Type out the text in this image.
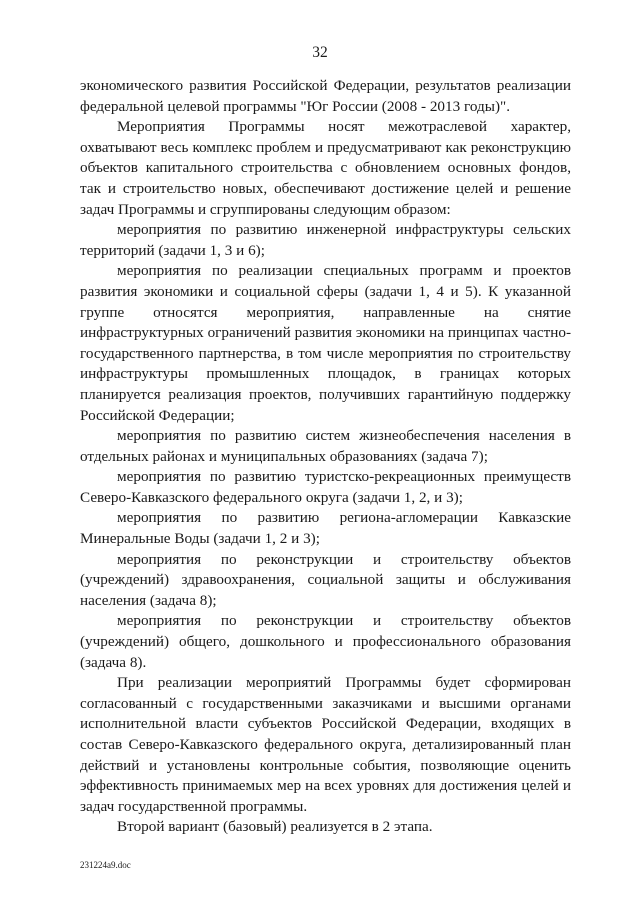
32

экономического развития Российской Федерации, результатов реализации федеральной целевой программы "Юг России (2008 - 2013 годы)".

Мероприятия Программы носят межотраслевой характер, охватывают весь комплекс проблем и предусматривают как реконструкцию объектов капитального строительства с обновлением основных фондов, так и строительство новых, обеспечивают достижение целей и решение задач Программы и сгруппированы следующим образом:

мероприятия по развитию инженерной инфраструктуры сельских территорий (задачи 1, 3 и 6);

мероприятия по реализации специальных программ и проектов развития экономики и социальной сферы (задачи 1, 4 и 5). К указанной группе относятся мероприятия, направленные на снятие инфраструктурных ограничений развития экономики на принципах частно-государственного партнерства, в том числе мероприятия по строительству инфраструктуры промышленных площадок, в границах которых планируется реализация проектов, получивших гарантийную поддержку Российской Федерации;

мероприятия по развитию систем жизнеобеспечения населения в отдельных районах и муниципальных образованиях (задача 7);

мероприятия по развитию туристско-рекреационных преимуществ Северо-Кавказского федерального округа (задачи 1, 2, и 3);

мероприятия по развитию региона-агломерации Кавказские Минеральные Воды (задачи 1, 2 и 3);

мероприятия по реконструкции и строительству объектов (учреждений) здравоохранения, социальной защиты и обслуживания населения (задача 8);

мероприятия по реконструкции и строительству объектов (учреждений) общего, дошкольного и профессионального образования (задача 8).

При реализации мероприятий Программы будет сформирован согласованный с государственными заказчиками и высшими органами исполнительной власти субъектов Российской Федерации, входящих в состав Северо-Кавказского федерального округа, детализированный план действий и установлены контрольные события, позволяющие оценить эффективность принимаемых мер на всех уровнях для достижения целей и задач государственной программы.

Второй вариант (базовый) реализуется в 2 этапа.

231224a9.doc
